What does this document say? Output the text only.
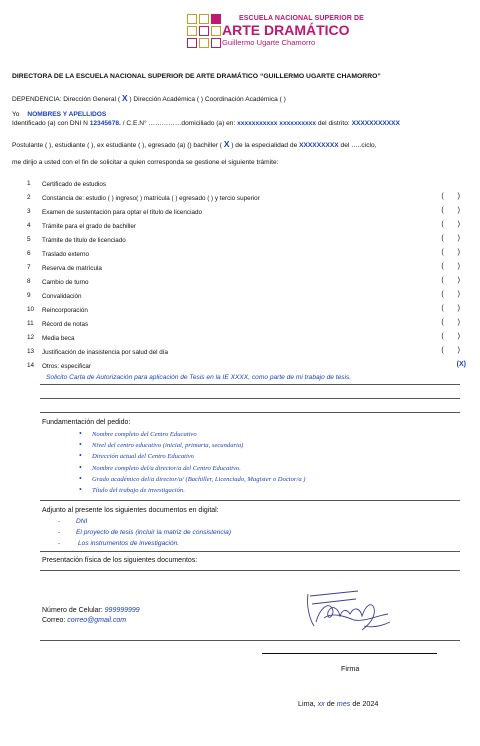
ESCUELA NACIONAL SUPERIOR DE
ARTE DRAMÁTICO
Guillermo Ugarte Chamorro
DIRECTORA DE LA ESCUELA NACIONAL SUPERIOR DE ARTE DRAMÁTICO “GUILLERMO UGARTE CHAMORRO”
DEPENDENCIA: Dirección General ( X ) Dirección Académica ( ) Coordinación Académica ( )
Yo NOMBRES Y APELLIDOS
Identificado (a) con DNI N 12345678. / C.E.N° ……………domiciliado (a) en: xxxxxxxxxxx xxxxxxxxxx del distrito: XXXXXXXXXXX
Postulante ( ), estudiante ( ), ex estudiante ( ), egresado (a) () bachiller ( X ) de la especialidad de XXXXXXXXX del …..ciclo,
me dirijo a usted con el fin de solicitar a quien corresponda se gestione el siguiente trámite:
1	Certificado de estudios
2	Constancia de: estudio ( ) ingreso( ) matrícula ( ) egresado ( ) y tercio superior	( )
3	Examen de sustentación para optar el título de licenciado	( )
4	Trámite para el grado de bachiller	( )
5	Trámite de título de licenciado	( )
6	Traslado externo	( )
7	Reserva de matrícula	( )
8	Cambio de turno	( )
9	Convalidación	( )
10	Reincorporación	( )
11	Récord de notas	( )
12	Media beca	( )
13	Justificación de inasistencia por salud del día	( )
14	Otros: especificar	(X)
Solicito Carta de Autorización para aplicación de Tesis en la IE XXXX, como parte de mi trabajo de tesis.
Fundamentación del pedido:
• Nombre completo del Centro Educativo
• Nivel del centro educativo (inicial, primaria, secundaria)
• Dirección actual del Centro Educativo
• Nombre completo del/a director/a del Centro Educativo.
• Grado académico del/a director/a/ (Bachiller, Licenciado, Magister o Doctor/a )
• Título del trabajo de investigación.
Adjunto al presente los siguientes documentos en digital:
- DNI
- El proyecto de tesis (incluir la matriz de consistencia)
-	Los instrumentos de investigación.
Presentación física de los siguientes documentos:
Número de Celular: 999999999
Correo: correo@gmail.com
Firma
Lima, xx de mes de 2024
